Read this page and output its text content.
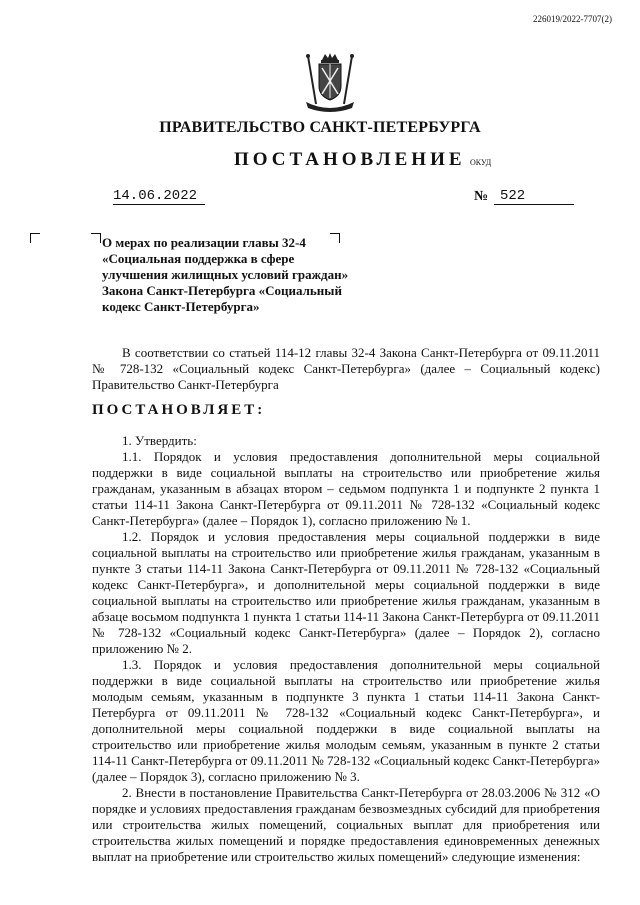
226019/2022-7707(2)
ПРАВИТЕЛЬСТВО САНКТ-ПЕТЕРБУРГА
ПОСТАНОВЛЕНИЕ ОКУД
14.06.2022	№ 522
О мерах по реализации главы 32-4
«Социальная поддержка в сфере
улучшения жилищных условий граждан»
Закона Санкт-Петербурга «Социальный
кодекс Санкт-Петербурга»
В соответствии со статьей 114-12 главы 32-4 Закона Санкт-Петербурга от 09.11.2011 № 728-132 «Социальный кодекс Санкт-Петербурга» (далее – Социальный кодекс) Правительство Санкт-Петербурга
ПОСТАНОВЛЯЕТ:

1. Утвердить:

1.1. Порядок и условия предоставления дополнительной меры социальной поддержки в виде социальной выплаты на строительство или приобретение жилья гражданам, указанным в абзацах втором – седьмом подпункта 1 и подпункте 2 пункта 1 статьи 114-11 Закона Санкт-Петербурга от 09.11.2011 № 728-132 «Социальный кодекс Санкт-Петербурга» (далее – Порядок 1), согласно приложению № 1.

1.2. Порядок и условия предоставления меры социальной поддержки в виде социальной выплаты на строительство или приобретение жилья гражданам, указанным в пункте 3 статьи 114-11 Закона Санкт-Петербурга от 09.11.2011 № 728-132 «Социальный кодекс Санкт-Петербурга», и дополнительной меры социальной поддержки в виде социальной выплаты на строительство или приобретение жилья гражданам, указанным в абзаце восьмом подпункта 1 пункта 1 статьи 114-11 Закона Санкт-Петербурга от 09.11.2011 № 728-132 «Социальный кодекс Санкт-Петербурга» (далее – Порядок 2), согласно приложению № 2.

1.3. Порядок и условия предоставления дополнительной меры социальной поддержки в виде социальной выплаты на строительство или приобретение жилья молодым семьям, указанным в подпункте 3 пункта 1 статьи 114-11 Закона Санкт-Петербурга от 09.11.2011 № 728-132 «Социальный кодекс Санкт-Петербурга», и дополнительной меры социальной поддержки в виде социальной выплаты на строительство или приобретение жилья молодым семьям, указанным в пункте 2 статьи 114-11 Санкт-Петербурга от 09.11.2011 № 728-132 «Социальный кодекс Санкт-Петербурга» (далее – Порядок 3), согласно приложению № 3.

2. Внести в постановление Правительства Санкт-Петербурга от 28.03.2006 № 312 «О порядке и условиях предоставления гражданам безвозмездных субсидий для приобретения или строительства жилых помещений, социальных выплат для приобретения или строительства жилых помещений и порядке предоставления единовременных денежных выплат на приобретение или строительство жилых помещений» следующие изменения:
